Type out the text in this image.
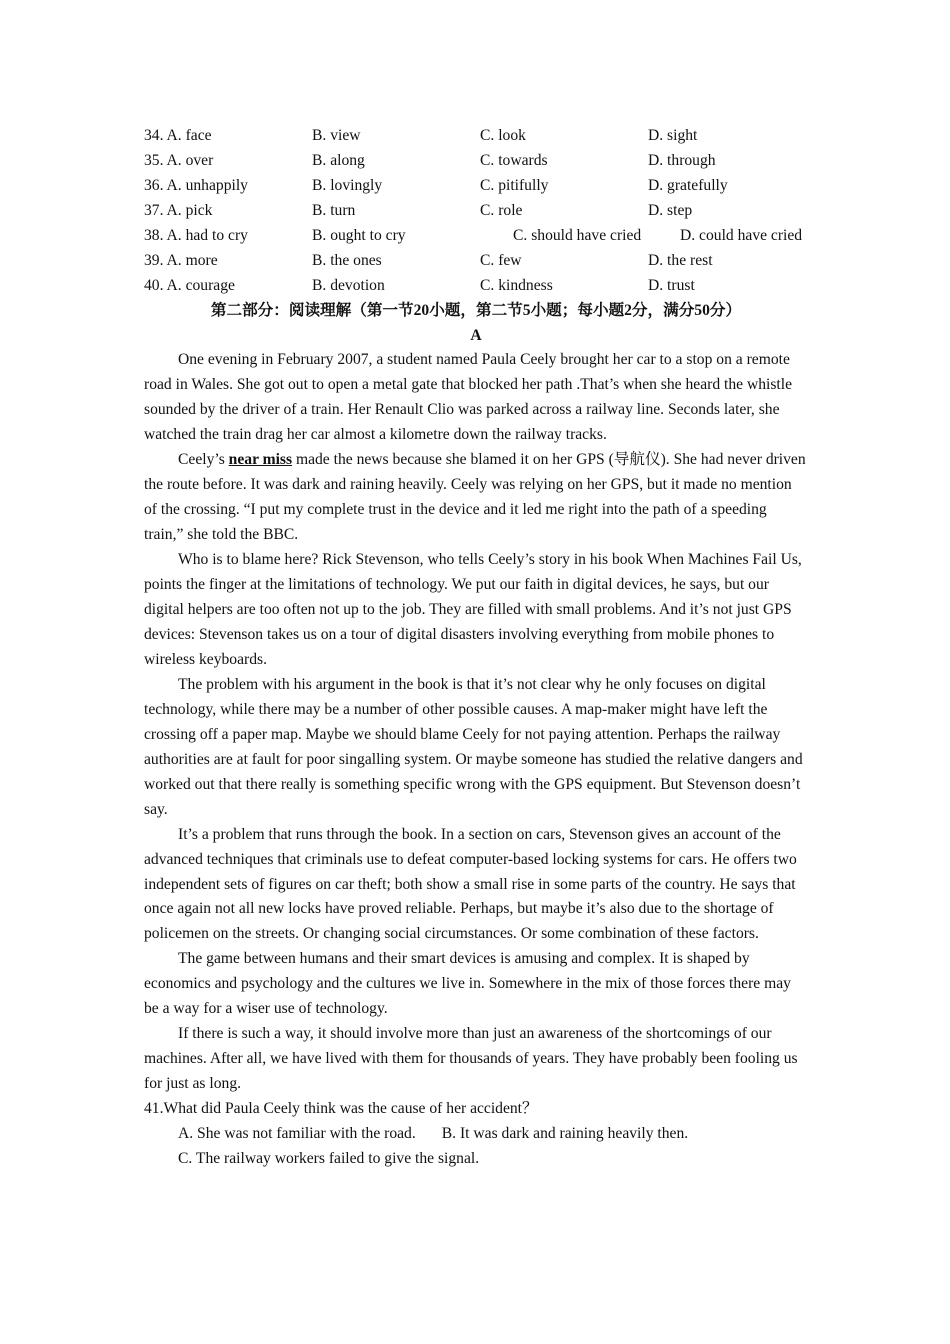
34. A. face	B. view	C. look	D. sight
35. A. over	B. along	C. towards	D. through
36. A. unhappily	B. lovingly	C. pitifully	D. gratefully
37. A. pick	B. turn	C. role	D. step
38. A. had to cry	B. ought to cry	C. should have cried D. could have cried
39. A. more	B. the ones	C. few	D. the rest
40. A. courage	B. devotion	C. kindness	D. trust
第二部分：阅读理解（第一节20小题，第二节5小题；每小题2分，满分50分）
A

One evening in February 2007, a student named Paula Ceely brought her car to a stop on a remote road in Wales. She got out to open a metal gate that blocked her path .That’s when she heard the whistle sounded by the driver of a train. Her Renault Clio was parked across a railway line. Seconds later, she watched the train drag her car almost a kilometre down the railway tracks.

Ceely’s near miss made the news because she blamed it on her GPS (导航仪). She had never driven the route before. It was dark and raining heavily. Ceely was relying on her GPS, but it made no mention of the crossing. “I put my complete trust in the device and it led me right into the path of a speeding train,” she told the BBC.

Who is to blame here? Rick Stevenson, who tells Ceely’s story in his book When Machines Fail Us, points the finger at the limitations of technology. We put our faith in digital devices, he says, but our digital helpers are too often not up to the job. They are filled with small problems. And it’s not just GPS devices: Stevenson takes us on a tour of digital disasters involving everything from mobile phones to wireless keyboards.

The problem with his argument in the book is that it’s not clear why he only focuses on digital technology, while there may be a number of other possible causes. A map-maker might have left the crossing off a paper map. Maybe we should blame Ceely for not paying attention. Perhaps the railway authorities are at fault for poor singalling system. Or maybe someone has studied the relative dangers and worked out that there really is something specific wrong with the GPS equipment. But Stevenson doesn’t say.

It’s a problem that runs through the book. In a section on cars, Stevenson gives an account of the advanced techniques that criminals use to defeat computer-based locking systems for cars. He offers two independent sets of figures on car theft; both show a small rise in some parts of the country. He says that once again not all new locks have proved reliable. Perhaps, but maybe it’s also due to the shortage of policemen on the streets. Or changing social circumstances. Or some combination of these factors.

The game between humans and their smart devices is amusing and complex. It is shaped by economics and psychology and the cultures we live in. Somewhere in the mix of those forces there may be a way for a wiser use of technology.

If there is such a way, it should involve more than just an awareness of the shortcomings of our machines. After all, we have lived with them for thousands of years. They have probably been fooling us for just as long.

41.What did Paula Ceely think was the cause of her accident？

A. She was not familiar with the road. B. It was dark and raining heavily then.
C. The railway workers failed to give the signal.
